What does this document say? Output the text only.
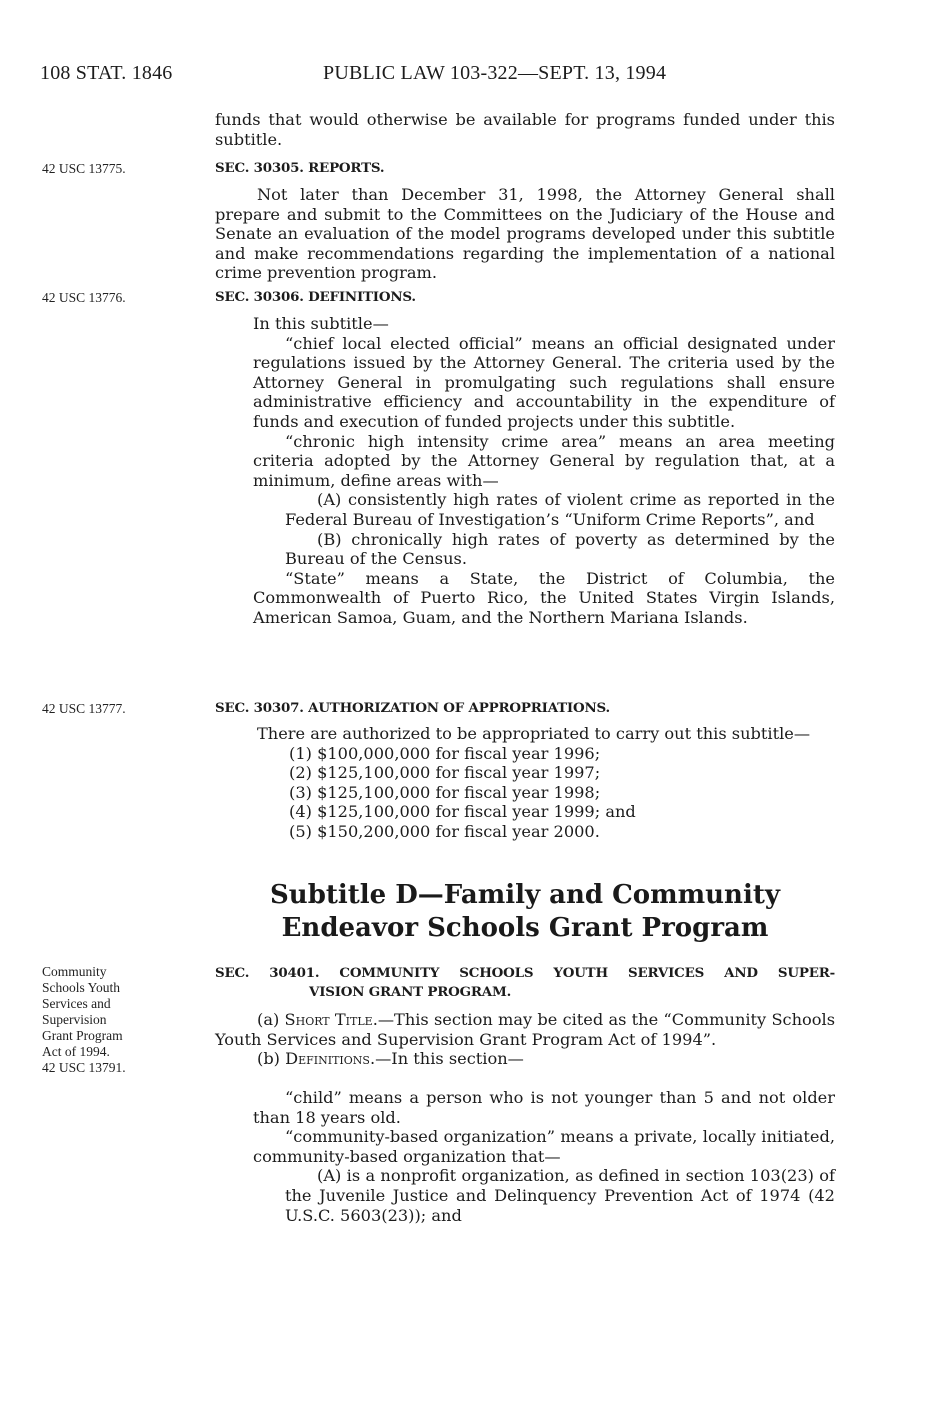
108 STAT. 1846	PUBLIC LAW 103-322—SEPT. 13, 1994

funds that would otherwise be available for programs funded under this subtitle.

42 USC 13775.	SEC. 30305. REPORTS.

Not later than December 31, 1998, the Attorney General shall prepare and submit to the Committees on the Judiciary of the House and Senate an evaluation of the model programs developed under this subtitle and make recommendations regarding the implementation of a national crime prevention program.

42 USC 13776.	SEC. 30306. DEFINITIONS.

In this subtitle—

“chief local elected official” means an official designated under regulations issued by the Attorney General. The criteria used by the Attorney General in promulgating such regulations shall ensure administrative efficiency and accountability in the expenditure of funds and execution of funded projects under this subtitle.

“chronic high intensity crime area” means an area meeting criteria adopted by the Attorney General by regulation that, at a minimum, define areas with—

(A) consistently high rates of violent crime as reported in the Federal Bureau of Investigation’s “Uniform Crime Reports”, and

(B) chronically high rates of poverty as determined by the Bureau of the Census.

“State” means a State, the District of Columbia, the Commonwealth of Puerto Rico, the United States Virgin Islands, American Samoa, Guam, and the Northern Mariana Islands.

42 USC 13777.	SEC. 30307. AUTHORIZATION OF APPROPRIATIONS.

There are authorized to be appropriated to carry out this subtitle—

(1) $100,000,000 for fiscal year 1996;

(2) $125,100,000 for fiscal year 1997;

(3) $125,100,000 for fiscal year 1998;

(4) $125,100,000 for fiscal year 1999; and

(5) $150,200,000 for fiscal year 2000.

Subtitle D—Family and Community
Endeavor Schools Grant Program
Community
Schools Youth
Services and
Supervision
Grant Program
Act of 1994.
42 USC 13791.
SEC. 30401. COMMUNITY SCHOOLS YOUTH SERVICES AND SUPER-
VISION GRANT PROGRAM.

(a) Short Title.—This section may be cited as the “Community Schools Youth Services and Supervision Grant Program Act of 1994”.

(b) Definitions.—In this section—

“child” means a person who is not younger than 5 and not older than 18 years old.

“community-based organization” means a private, locally initiated, community-based organization that—

(A) is a nonprofit organization, as defined in section 103(23) of the Juvenile Justice and Delinquency Prevention Act of 1974 (42 U.S.C. 5603(23)); and
